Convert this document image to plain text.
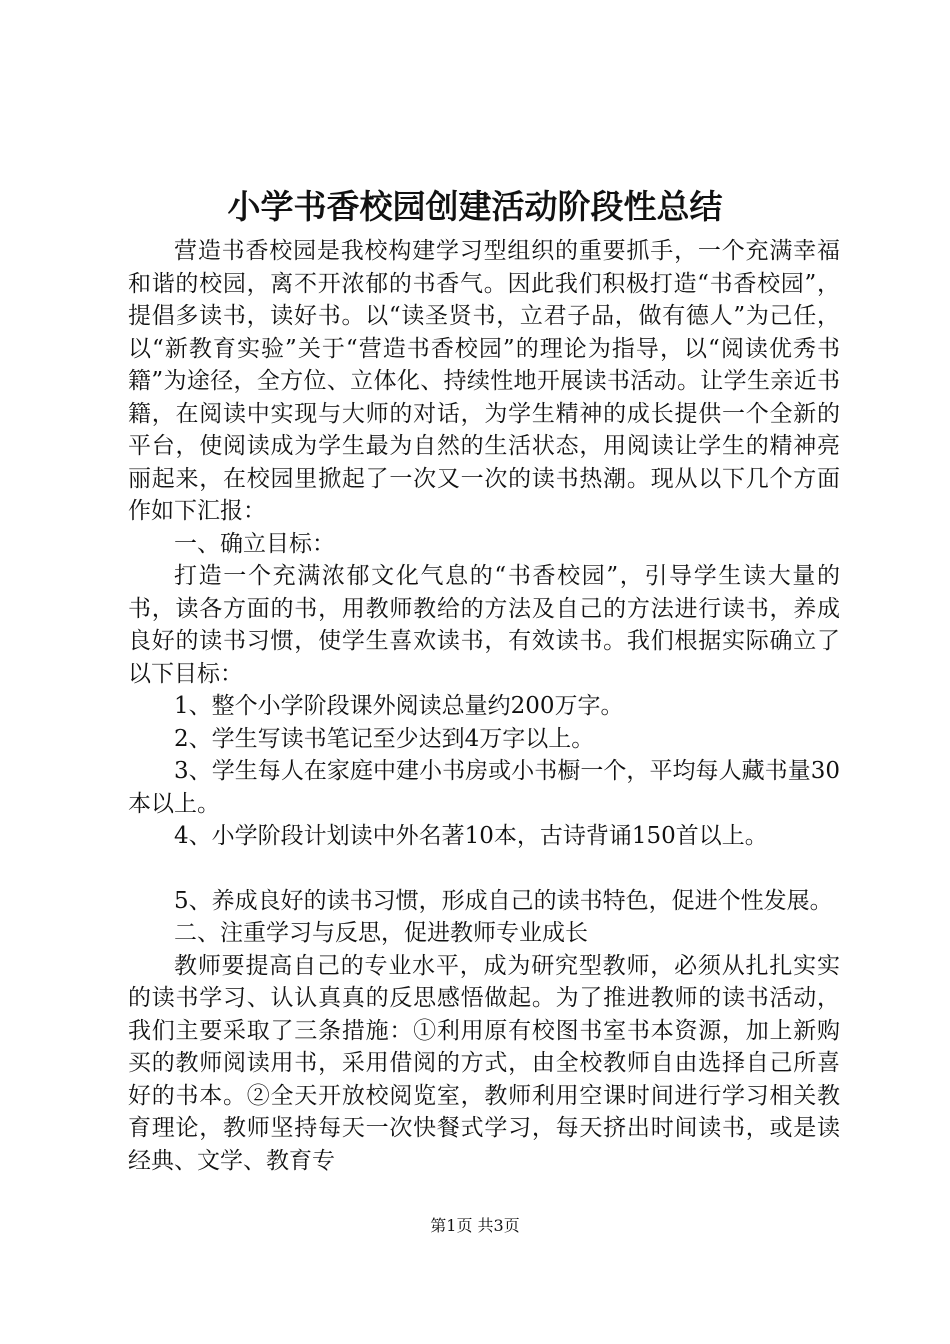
小学书香校园创建活动阶段性总结

营造书香校园是我校构建学习型组织的重要抓手，一个充满幸福和谐的校园，离不开浓郁的书香气。因此我们积极打造“书香校园”，提倡多读书，读好书。以“读圣贤书，立君子品，做有德人”为己任，以“新教育实验”关于“营造书香校园”的理论为指导，以“阅读优秀书籍”为途径，全方位、立体化、持续性地开展读书活动。让学生亲近书籍，在阅读中实现与大师的对话，为学生精神的成长提供一个全新的平台，使阅读成为学生最为自然的生活状态，用阅读让学生的精神亮丽起来，在校园里掀起了一次又一次的读书热潮。现从以下几个方面作如下汇报：

一、确立目标：

打造一个充满浓郁文化气息的“书香校园”，引导学生读大量的书，读各方面的书，用教师教给的方法及自己的方法进行读书，养成良好的读书习惯，使学生喜欢读书，有效读书。我们根据实际确立了以下目标：

1、整个小学阶段课外阅读总量约200万字。

2、学生写读书笔记至少达到4万字以上。

3、学生每人在家庭中建小书房或小书橱一个，平均每人藏书量30本以上。

4、小学阶段计划读中外名著10本，古诗背诵150首以上。

5、养成良好的读书习惯，形成自己的读书特色，促进个性发展。

二、注重学习与反思，促进教师专业成长

教师要提高自己的专业水平，成为研究型教师，必须从扎扎实实的读书学习、认认真真的反思感悟做起。为了推进教师的读书活动，我们主要采取了三条措施：①利用原有校图书室书本资源，加上新购买的教师阅读用书，采用借阅的方式，由全校教师自由选择自己所喜好的书本。②全天开放校阅览室，教师利用空课时间进行学习相关教育理论，教师坚持每天一次快餐式学习，每天挤出时间读书，或是读经典、文学、教育专

第1页 共3页
